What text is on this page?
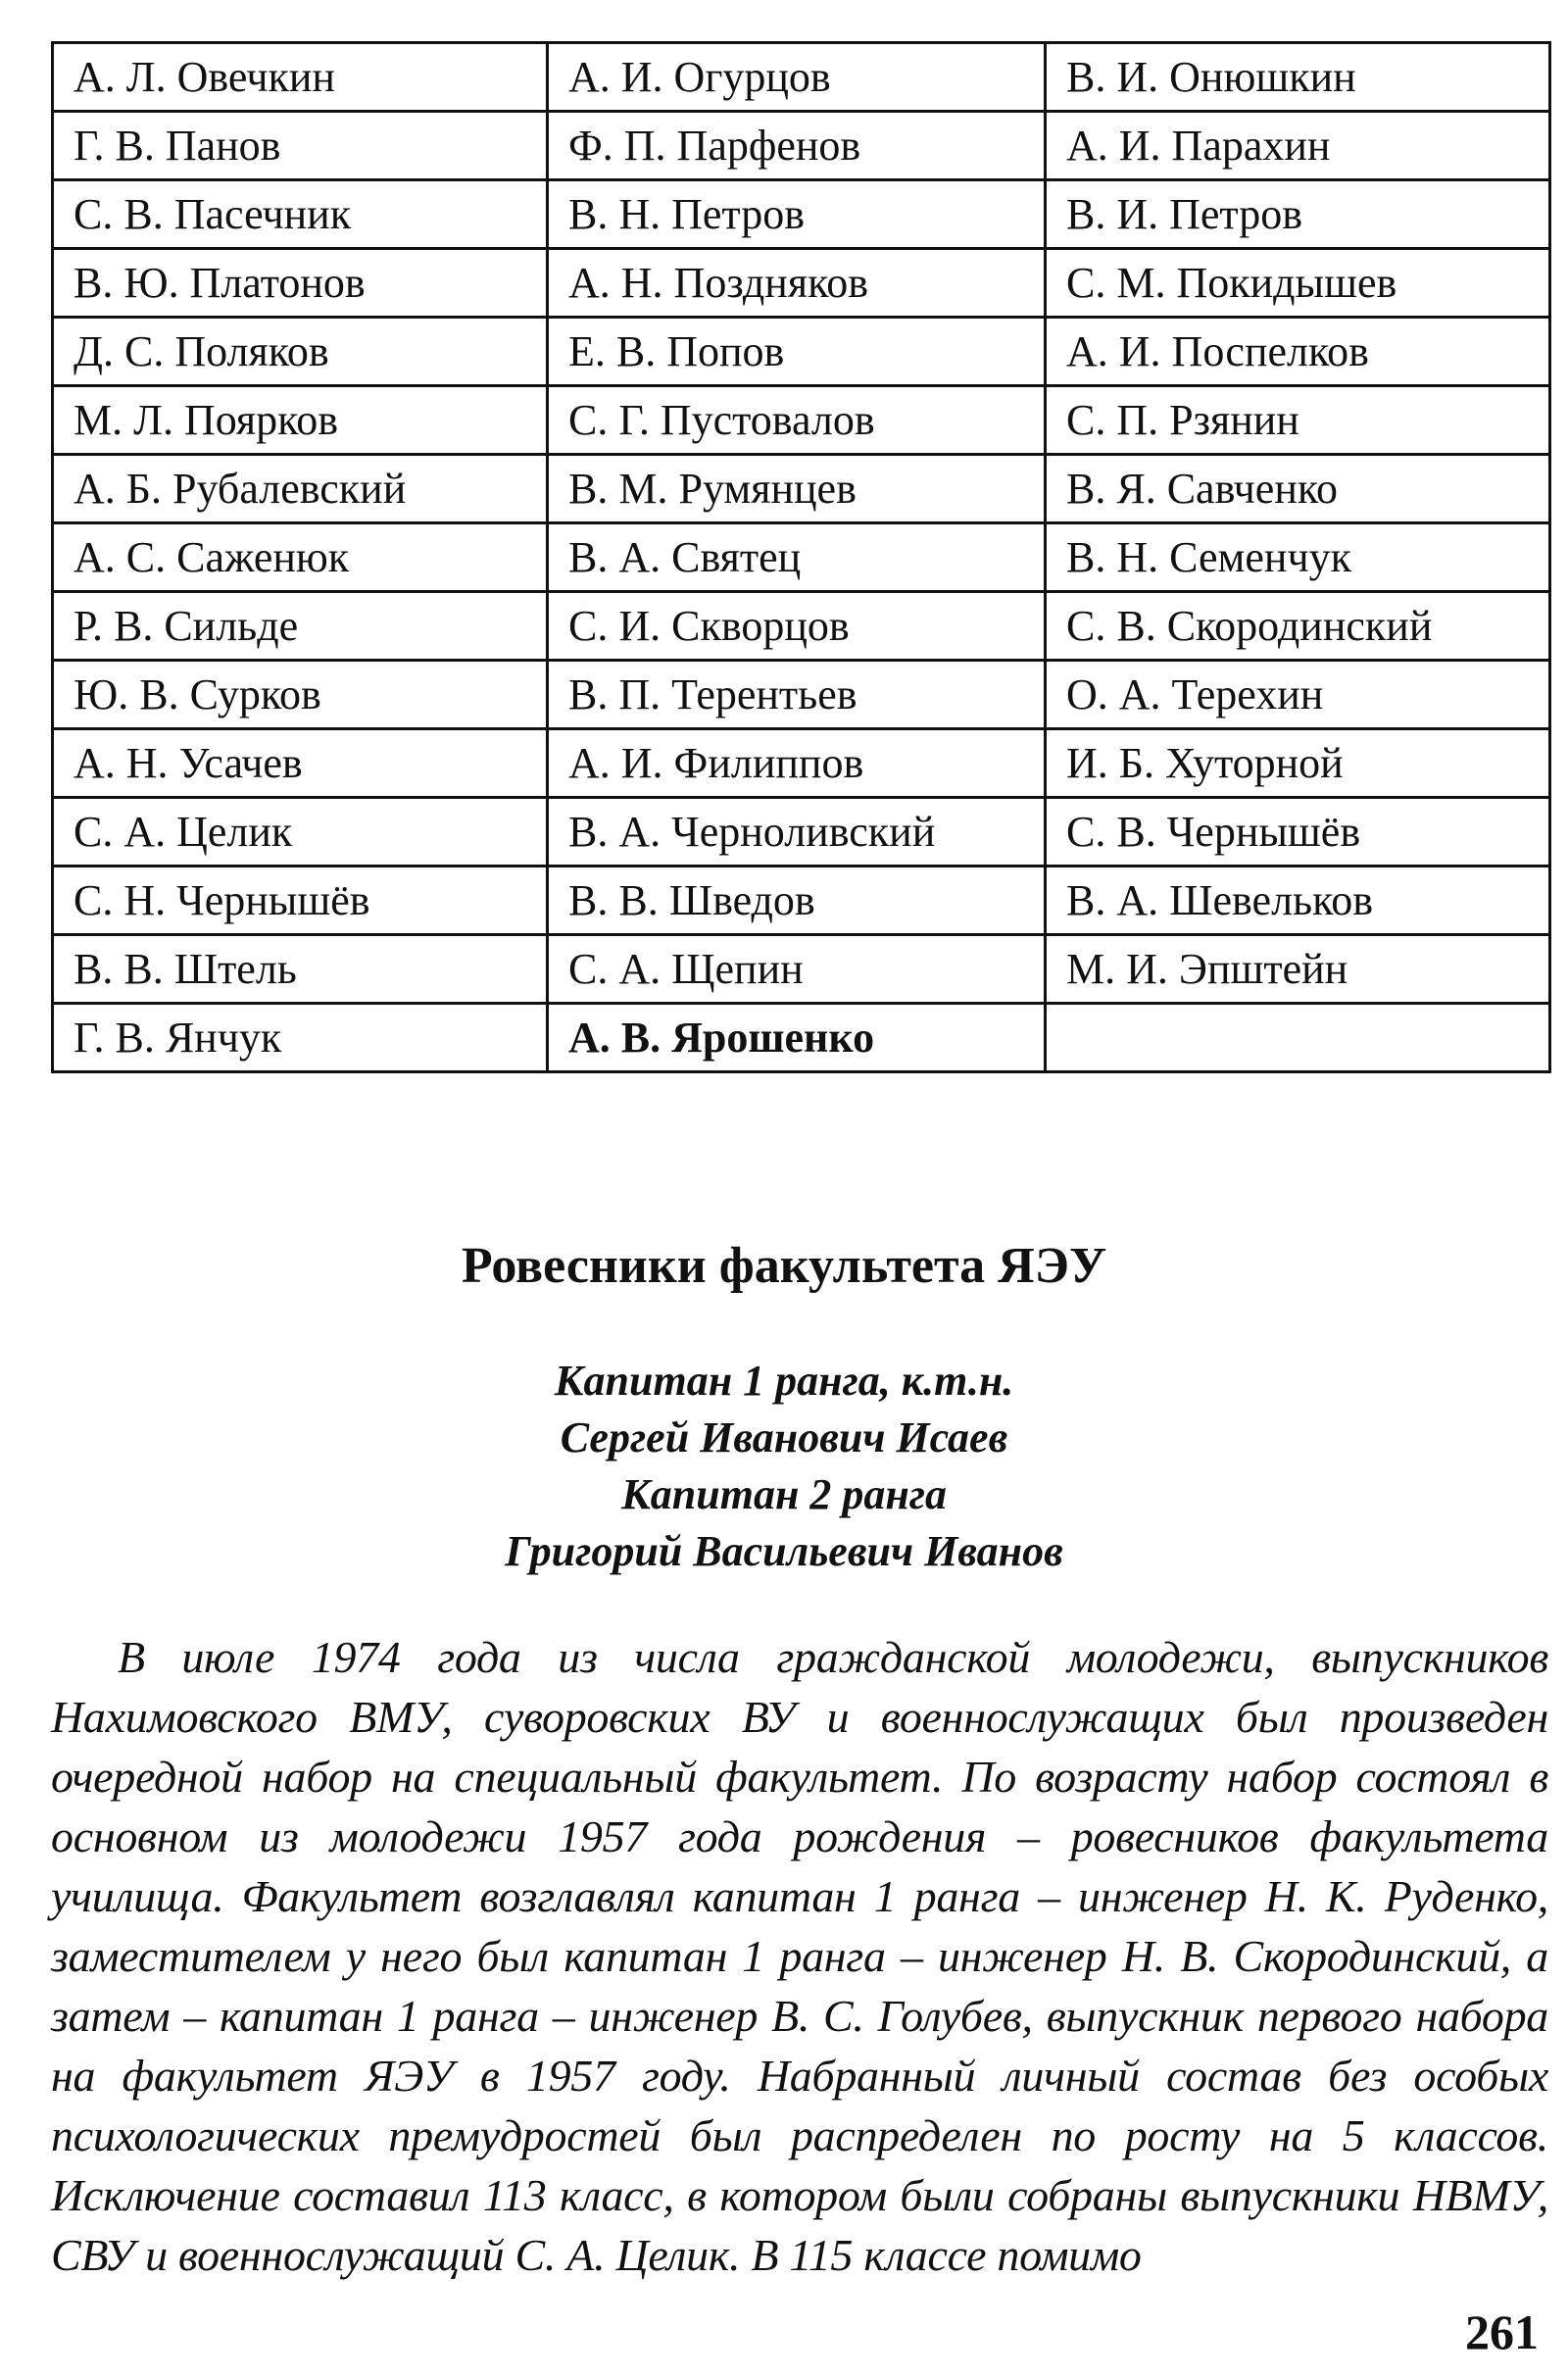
А. Л. Овечкин	А. И. Огурцов	В. И. Онюшкин
Г. В. Панов	Ф. П. Парфенов	А. И. Парахин
С. В. Пасечник	В. Н. Петров	В. И. Петров
В. Ю. Платонов	А. Н. Поздняков	С. М. Покидышев
Д. С. Поляков	Е. В. Попов	А. И. Поспелков
М. Л. Поярков	С. Г. Пустовалов	С. П. Рзянин
А. Б. Рубалевский	В. М. Румянцев	В. Я. Савченко
А. С. Саженюк	В. А. Святец	В. Н. Семенчук
Р. В. Сильде	С. И. Скворцов	С. В. Скородинский
Ю. В. Сурков	В. П. Терентьев	О. А. Терехин
А. Н. Усачев	А. И. Филиппов	И. Б. Хуторной
С. А. Целик	В. А. Черноливский	С. В. Чернышёв
С. Н. Чернышёв	В. В. Шведов	В. А. Шевельков
В. В. Штель	С. А. Щепин	М. И. Эпштейн
Г. В. Янчук	А. В. Ярошенко	
Ровесники факультета ЯЭУ
Капитан 1 ранга, к.т.н.
Сергей Иванович Исаев
Капитан 2 ранга
Григорий Васильевич Иванов

В июле 1974 года из числа гражданской молодежи, выпускников Нахимовского ВМУ, суворовских ВУ и военнослужащих был произведен очередной набор на специальный факультет. По возрасту набор состоял в основном из молодежи 1957 года рождения – ровесников факультета училища. Факультет возглавлял капитан 1 ранга – инженер Н. К. Руденко, заместителем у него был капитан 1 ранга – инженер Н. В. Скородинский, а затем – капитан 1 ранга – инженер В. С. Голубев, выпускник первого набора на факультет ЯЭУ в 1957 году. Набранный личный состав без особых психологических премудростей был распределен по росту на 5 классов. Исключение составил 113 класс, в котором были собраны выпускники НВМУ, СВУ и военнослужащий С. А. Целик. В 115 классе помимо

261
